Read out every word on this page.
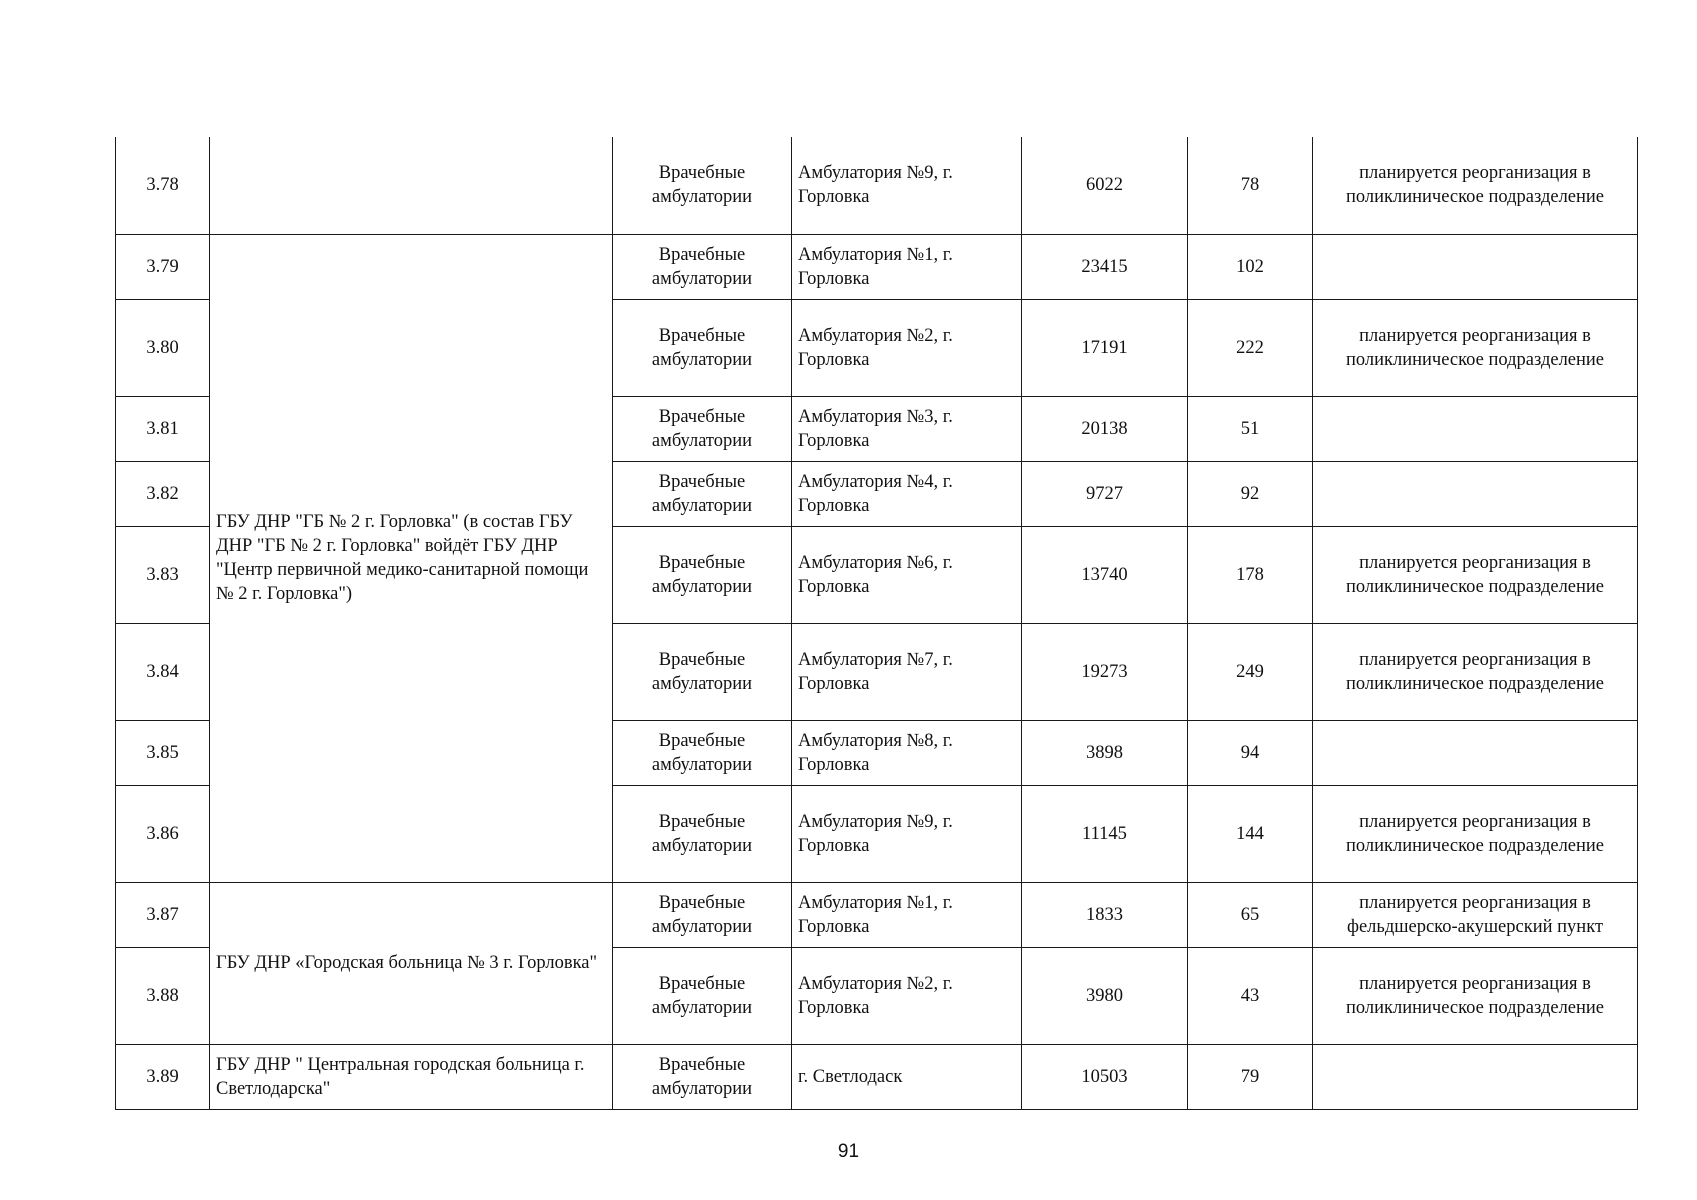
3.78		Врачебные амбулатории	Амбулатория №9, г. Горловка	6022	78	планируется реорганизация в поликлиническое подразделение
3.79	ГБУ ДНР "ГБ № 2 г. Горловка" (в состав ГБУ ДНР "ГБ № 2 г. Горловка" войдёт ГБУ ДНР "Центр первичной медико-санитарной помощи № 2 г. Горловка")	Врачебные амбулатории	Амбулатория №1, г. Горловка	23415	102	
3.80		Врачебные амбулатории	Амбулатория №2, г. Горловка	17191	222	планируется реорганизация в поликлиническое подразделение
3.81		Врачебные амбулатории	Амбулатория №3, г. Горловка	20138	51	
3.82		Врачебные амбулатории	Амбулатория №4, г. Горловка	9727	92	
3.83		Врачебные амбулатории	Амбулатория №6, г. Горловка	13740	178	планируется реорганизация в поликлиническое подразделение
3.84		Врачебные амбулатории	Амбулатория №7, г. Горловка	19273	249	планируется реорганизация в поликлиническое подразделение
3.85		Врачебные амбулатории	Амбулатория №8, г. Горловка	3898	94	
3.86		Врачебные амбулатории	Амбулатория №9, г. Горловка	11145	144	планируется реорганизация в поликлиническое подразделение
3.87	ГБУ ДНР «Городская больница № 3 г. Горловка"	Врачебные амбулатории	Амбулатория №1, г. Горловка	1833	65	планируется реорганизация в фельдшерско-акушерский пункт
3.88		Врачебные амбулатории	Амбулатория №2, г. Горловка	3980	43	планируется реорганизация в поликлиническое подразделение
3.89	ГБУ ДНР " Центральная городская больница г. Светлодарска"	Врачебные амбулатории	г. Светлодаск	10503	79	
91
